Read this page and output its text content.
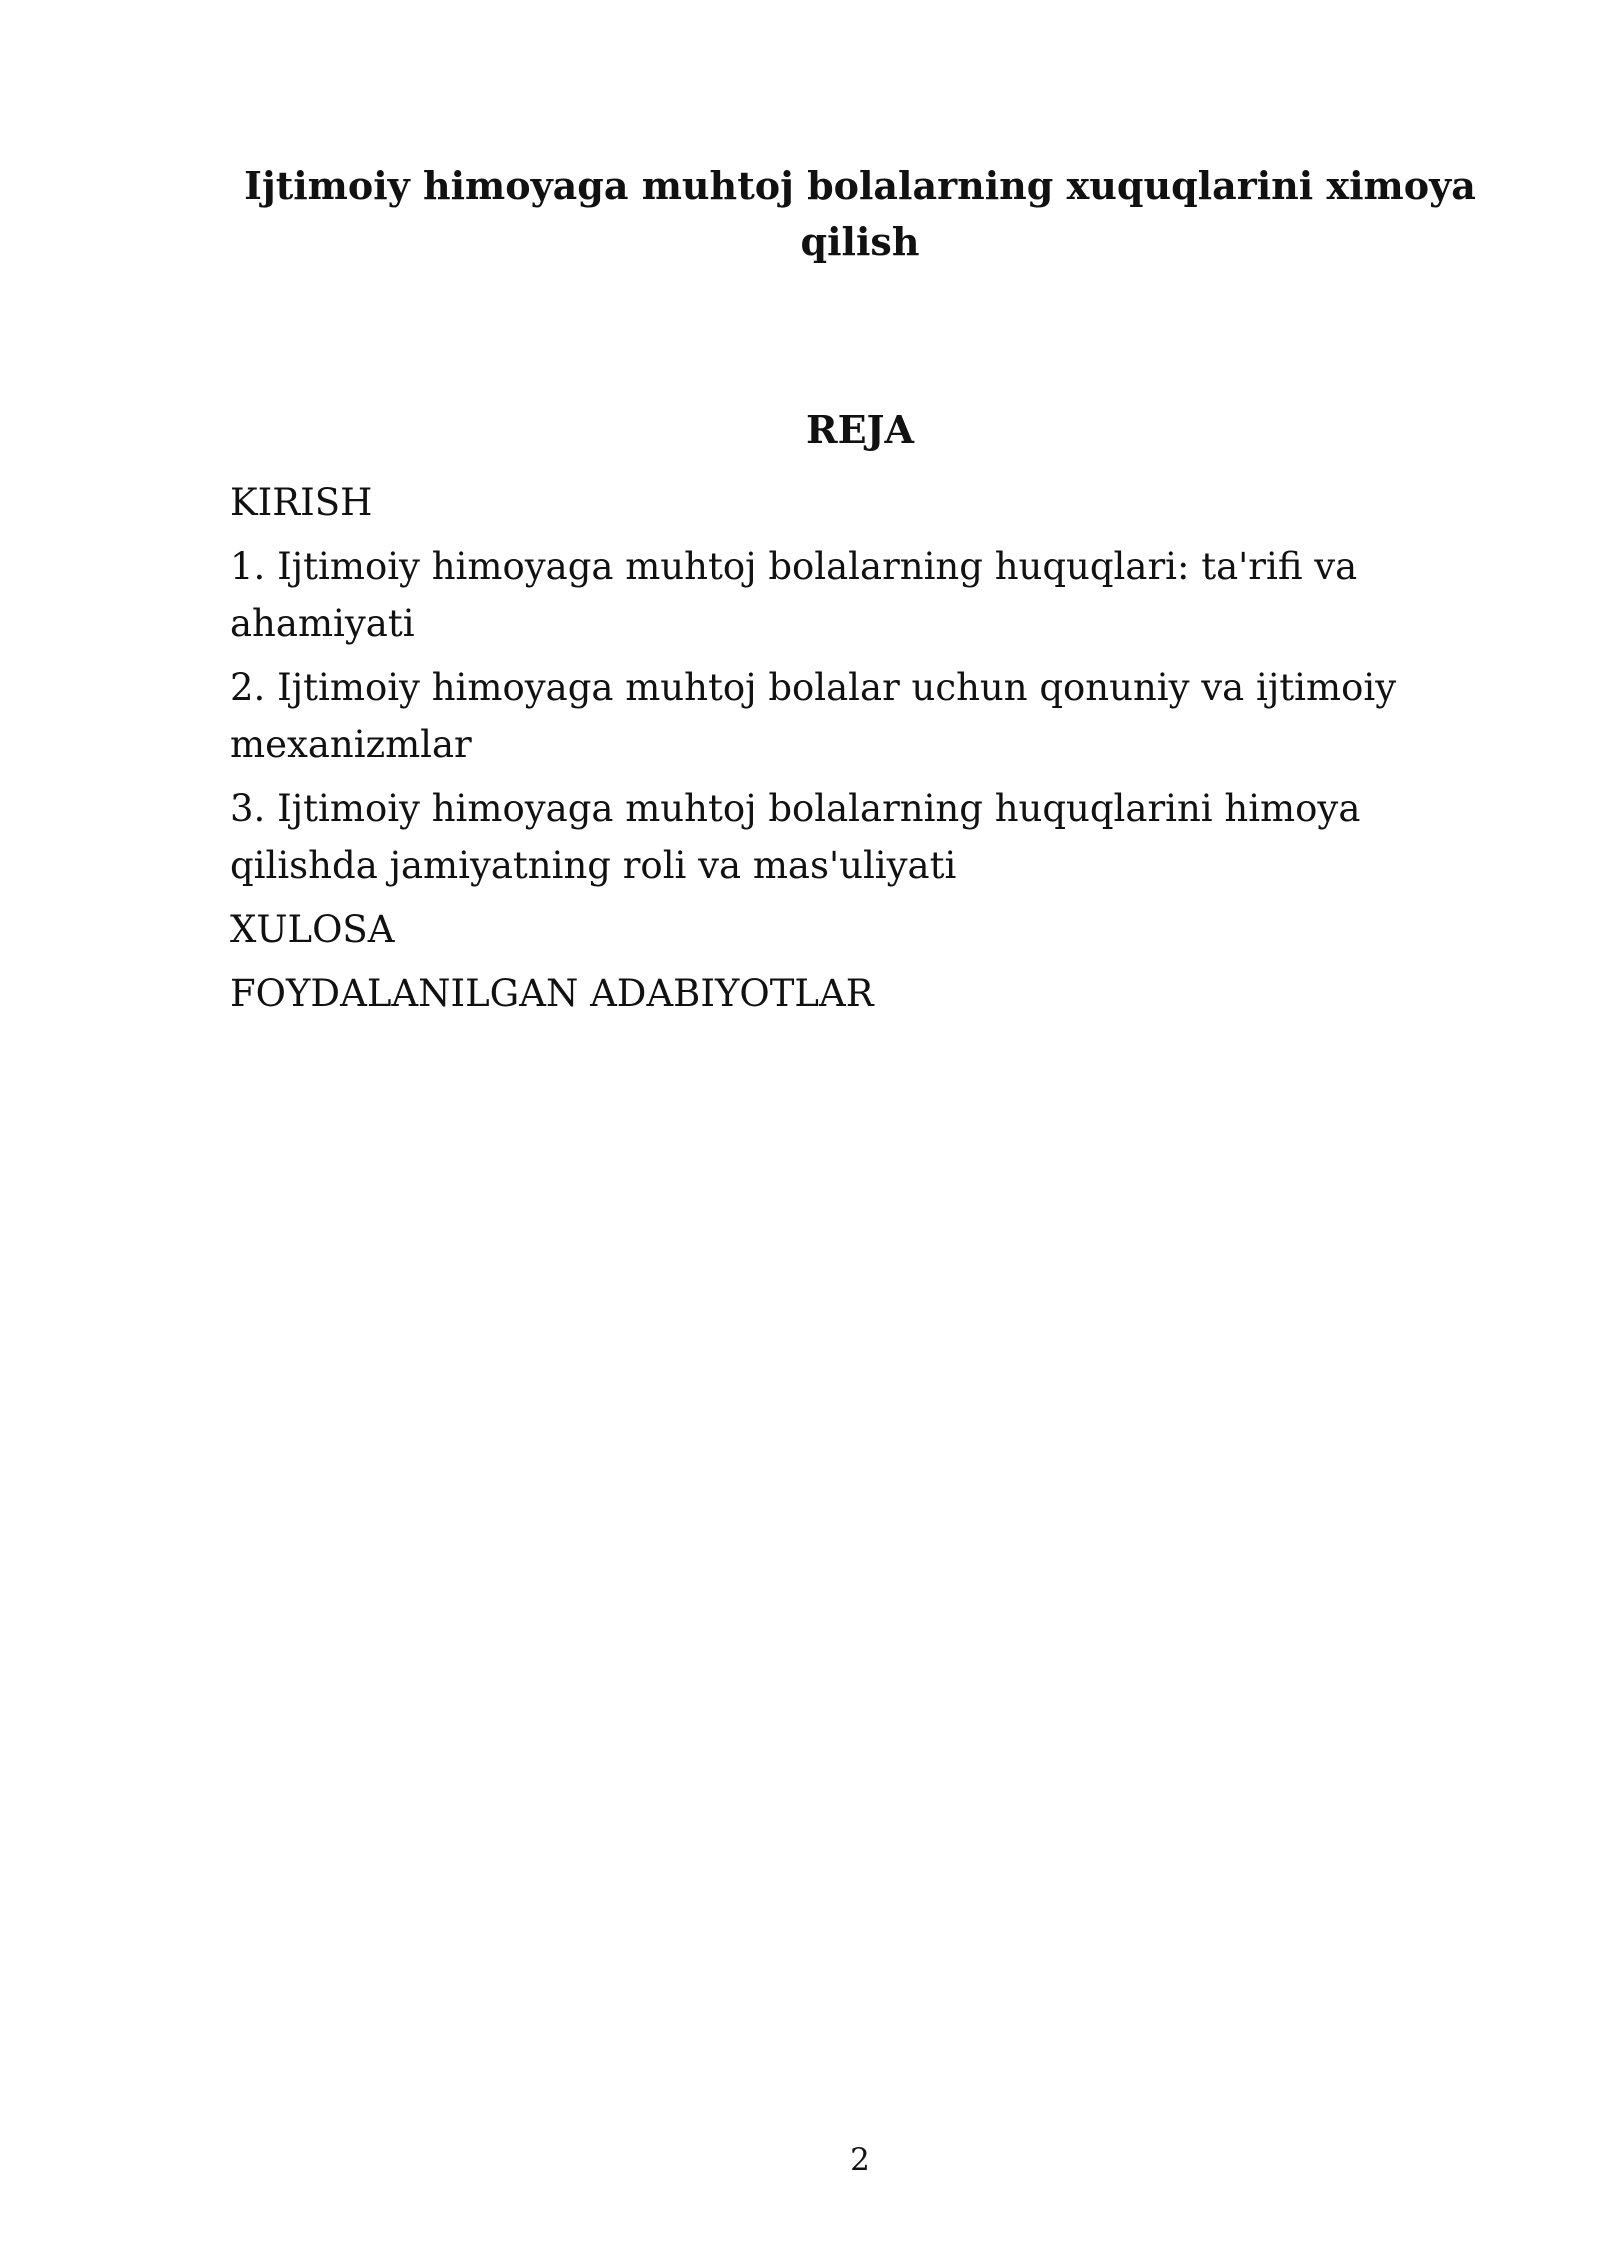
Ijtimoiy himoyaga muhtoj bolalarning xuquqlarini ximoya qilish
REJA
KIRISH
1. Ijtimoiy himoyaga muhtoj bolalarning huquqlari: ta'rifi va ahamiyati
2. Ijtimoiy himoyaga muhtoj bolalar uchun qonuniy va ijtimoiy mexanizmlar
3. Ijtimoiy himoyaga muhtoj bolalarning huquqlarini himoya qilishda jamiyatning roli va mas'uliyati
XULOSA
FOYDALANILGAN ADABIYOTLAR
2
